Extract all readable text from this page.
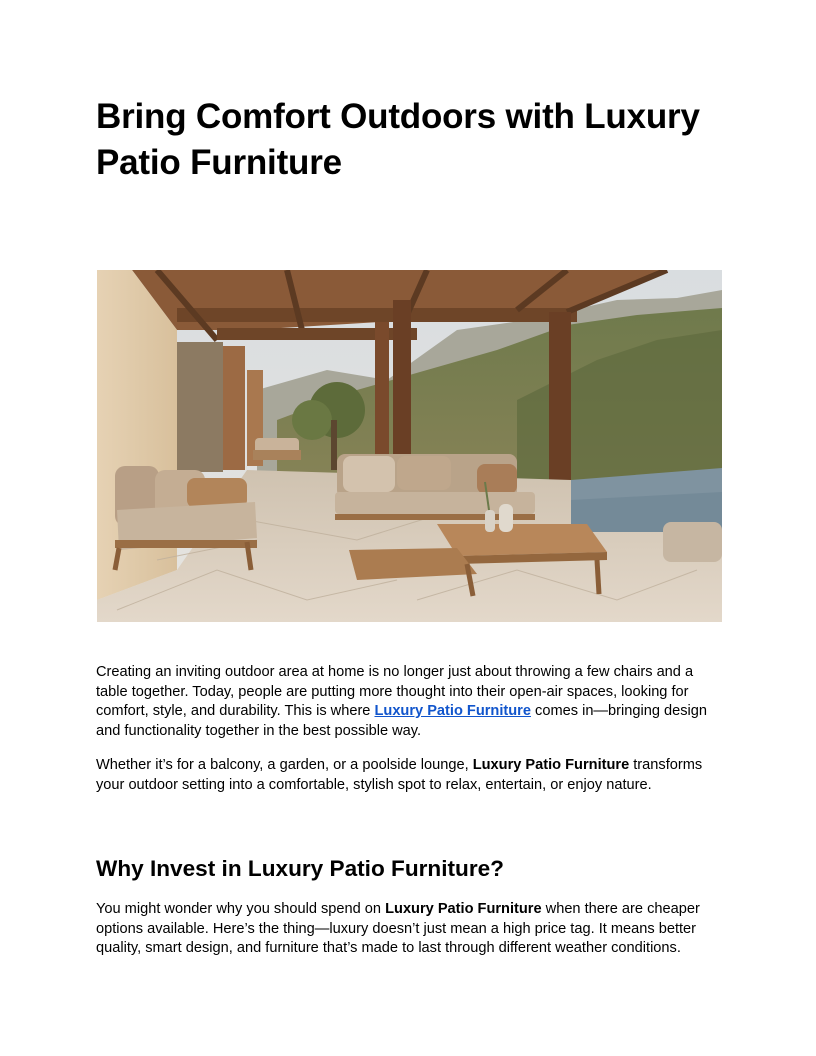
Bring Comfort Outdoors with Luxury Patio Furniture

Creating an inviting outdoor area at home is no longer just about throwing a few chairs and a table together. Today, people are putting more thought into their open-air spaces, looking for comfort, style, and durability. This is where Luxury Patio Furniture comes in—bringing design and functionality together in the best possible way.

Whether it’s for a balcony, a garden, or a poolside lounge, Luxury Patio Furniture transforms your outdoor setting into a comfortable, stylish spot to relax, entertain, or enjoy nature.

Why Invest in Luxury Patio Furniture?

You might wonder why you should spend on Luxury Patio Furniture when there are cheaper options available. Here’s the thing—luxury doesn’t just mean a high price tag. It means better quality, smart design, and furniture that’s made to last through different weather conditions.
